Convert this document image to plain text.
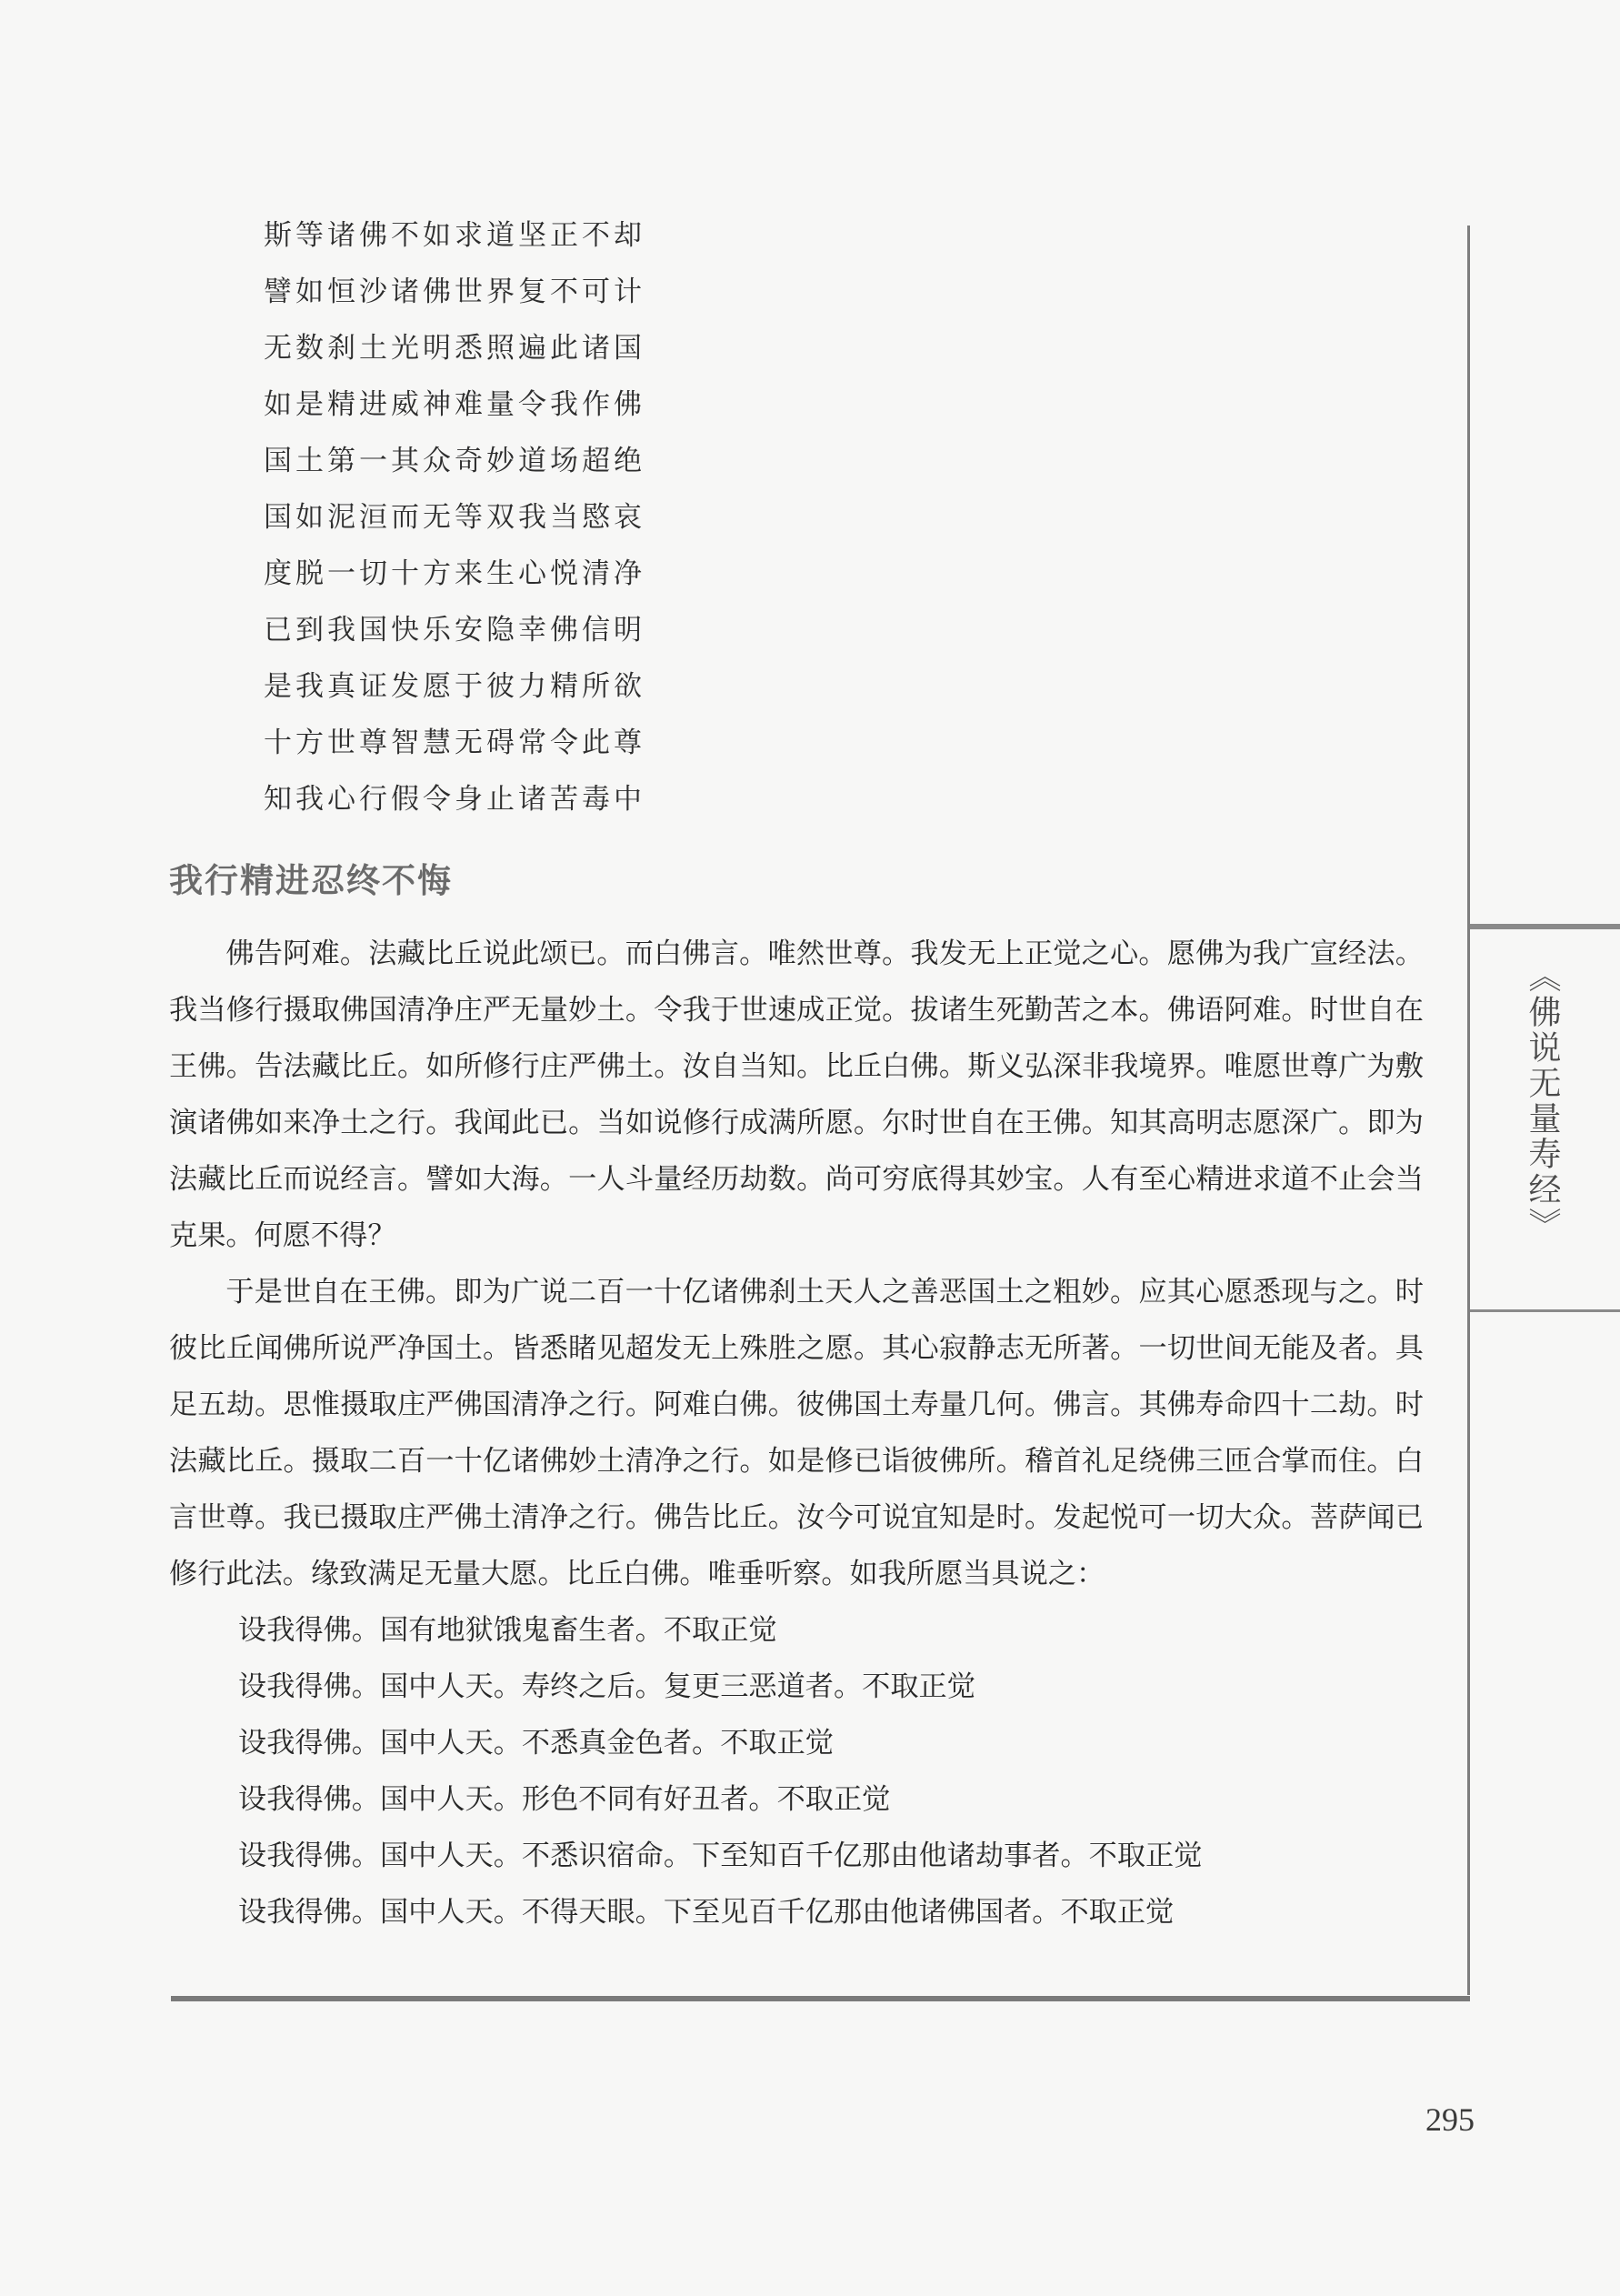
斯等诸佛不如求道坚正不却
譬如恒沙诸佛世界复不可计
无数刹土光明悉照遍此诸国
如是精进威神难量令我作佛
国土第一其众奇妙道场超绝
国如泥洹而无等双我当愍哀
度脱一切十方来生心悦清净
已到我国快乐安隐幸佛信明
是我真证发愿于彼力精所欲
十方世尊智慧无碍常令此尊
知我心行假令身止诸苦毒中
我行精进忍终不悔

佛告阿难。法藏比丘说此颂已。而白佛言。唯然世尊。我发无上正觉之心。愿佛为我广宣经法。我当修行摄取佛国清净庄严无量妙土。令我于世速成正觉。拔诸生死勤苦之本。佛语阿难。时世自在王佛。告法藏比丘。如所修行庄严佛土。汝自当知。比丘白佛。斯义弘深非我境界。唯愿世尊广为敷演诸佛如来净土之行。我闻此已。当如说修行成满所愿。尔时世自在王佛。知其高明志愿深广。即为法藏比丘而说经言。譬如大海。一人斗量经历劫数。尚可穷底得其妙宝。人有至心精进求道不止会当克果。何愿不得？

于是世自在王佛。即为广说二百一十亿诸佛刹土天人之善恶国土之粗妙。应其心愿悉现与之。时彼比丘闻佛所说严净国土。皆悉睹见超发无上殊胜之愿。其心寂静志无所著。一切世间无能及者。具足五劫。思惟摄取庄严佛国清净之行。阿难白佛。彼佛国土寿量几何。佛言。其佛寿命四十二劫。时法藏比丘。摄取二百一十亿诸佛妙土清净之行。如是修已诣彼佛所。稽首礼足绕佛三匝合掌而住。白言世尊。我已摄取庄严佛土清净之行。佛告比丘。汝今可说宜知是时。发起悦可一切大众。菩萨闻已修行此法。缘致满足无量大愿。比丘白佛。唯垂听察。如我所愿当具说之：

设我得佛。国有地狱饿鬼畜生者。不取正觉
设我得佛。国中人天。寿终之后。复更三恶道者。不取正觉
设我得佛。国中人天。不悉真金色者。不取正觉
设我得佛。国中人天。形色不同有好丑者。不取正觉
设我得佛。国中人天。不悉识宿命。下至知百千亿那由他诸劫事者。不取正觉
设我得佛。国中人天。不得天眼。下至见百千亿那由他诸佛国者。不取正觉
《佛说无量寿经》
295
